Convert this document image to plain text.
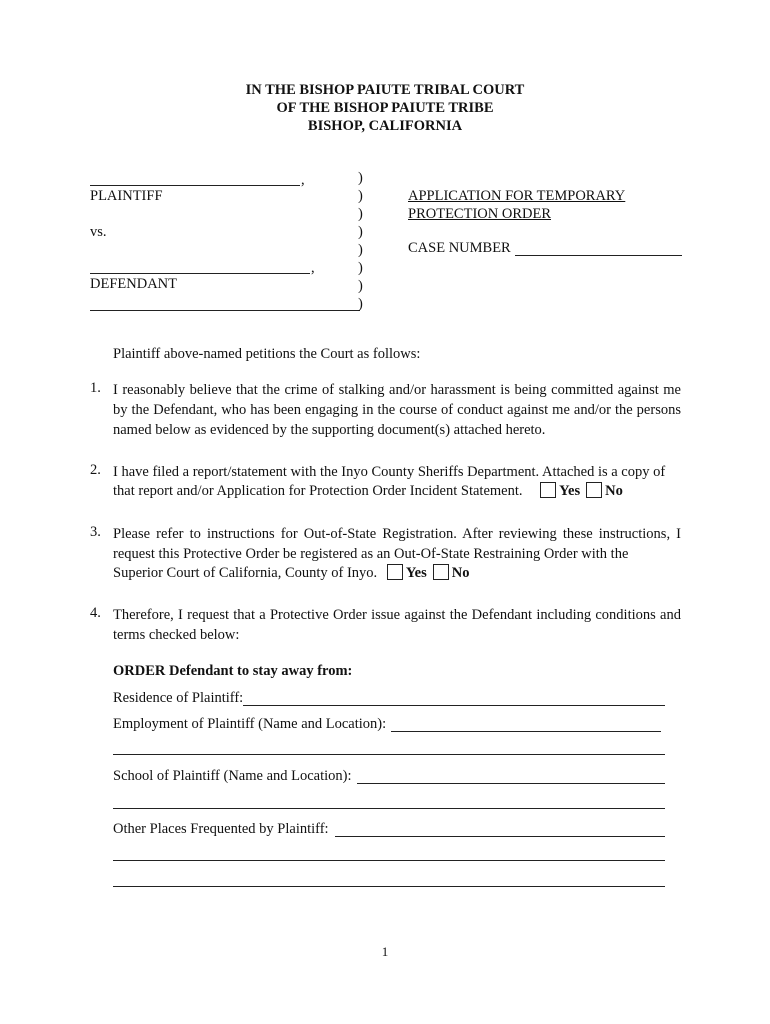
IN THE BISHOP PAIUTE TRIBAL COURT
OF THE BISHOP PAIUTE TRIBE
BISHOP, CALIFORNIA
,
PLAINTIFF
vs.
,
DEFENDANT
)
)
)
)
)
)
)
)
APPLICATION FOR TEMPORARY
PROTECTION ORDER
CASE NUMBER
Plaintiff above-named petitions the Court as follows:
1. I reasonably believe that the crime of stalking and/or harassment is being committed against me by the Defendant, who has been engaging in the course of conduct against me and/or the persons named below as evidenced by the supporting document(s) attached hereto.
2. I have filed a report/statement with the Inyo County Sheriffs Department. Attached is a copy of
that report and/or Application for Protection Order Incident Statement.	Yes No
3. Please refer to instructions for Out-of-State Registration. After reviewing these instructions, I request this Protective Order be registered as an Out-Of-State Restraining Order with the
Superior Court of California, County of Inyo. Yes No
4. Therefore, I request that a Protective Order issue against the Defendant including conditions and terms checked below:
ORDER Defendant to stay away from:
Residence of Plaintiff:
Employment of Plaintiff (Name and Location):
School of Plaintiff (Name and Location):
Other Places Frequented by Plaintiff:
1
